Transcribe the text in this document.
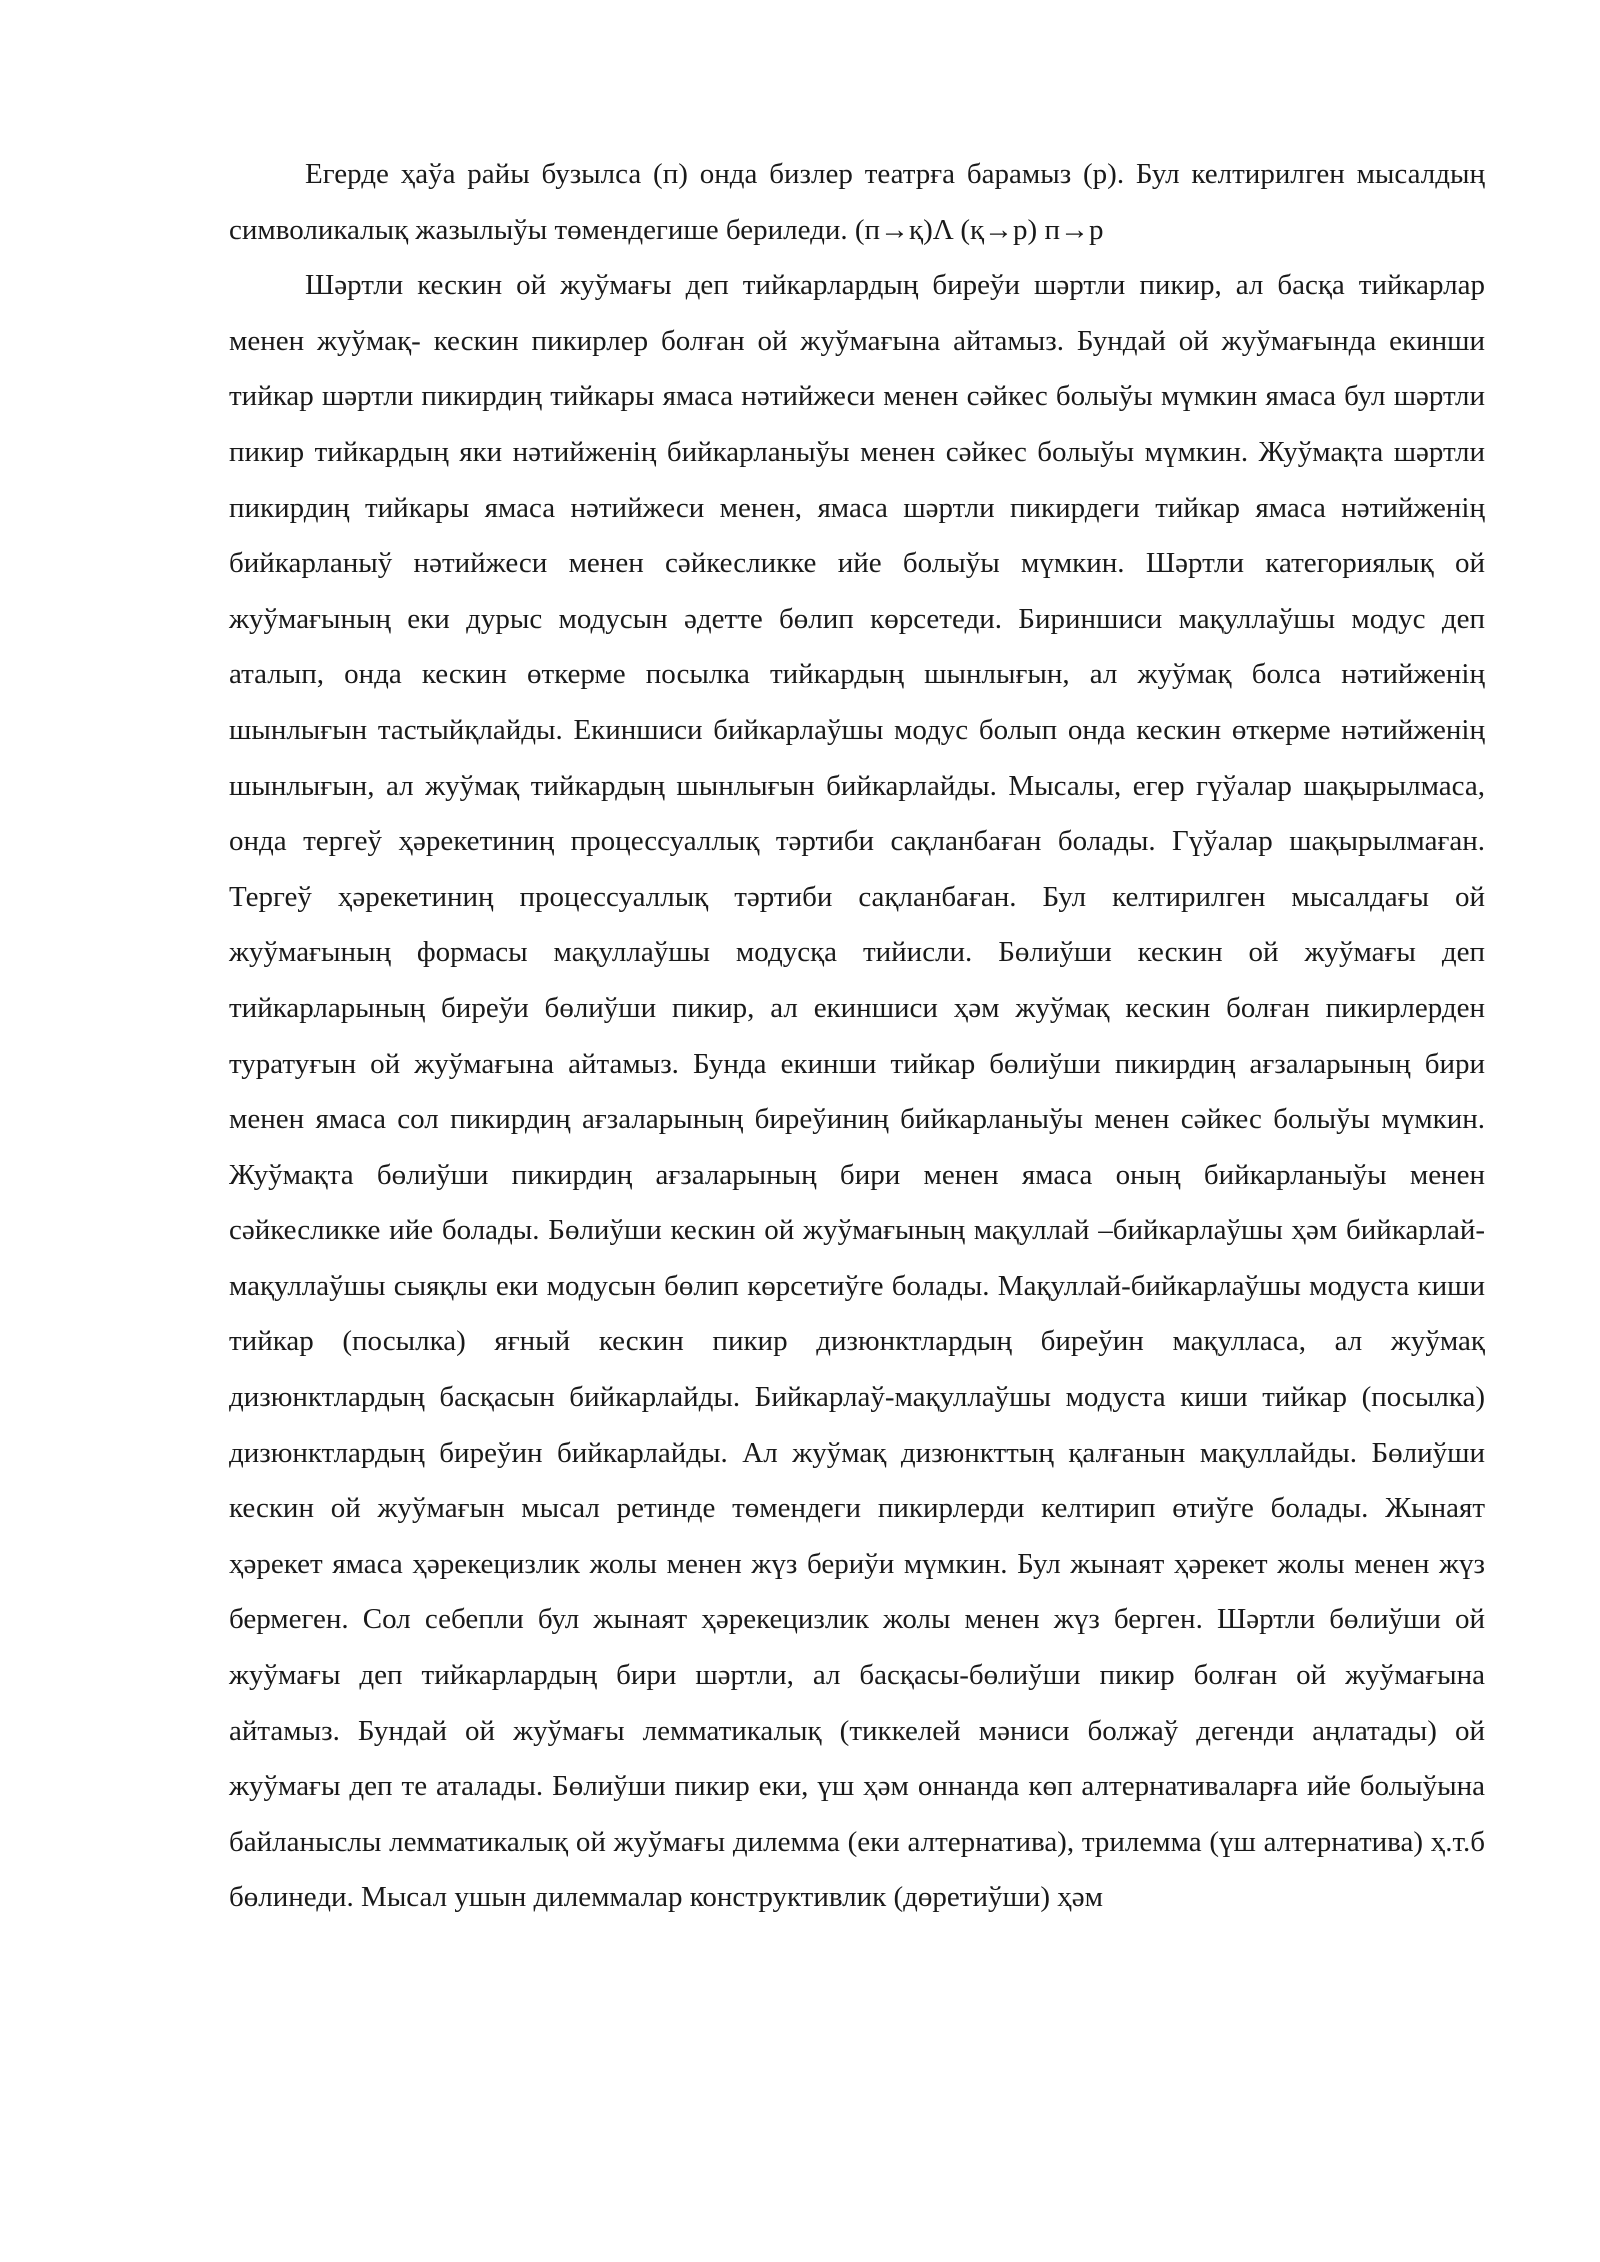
Егерде ҳаўа райы бузылса (п) онда бизлер театрға барамыз (р). Бул келтирилген мысалдың символикалық жазылыўы төмендегише бериледи. (п→қ)Λ (қ→р) п→р

Шәртли кескин ой жуўмағы деп тийкарлардың биреўи шәртли пикир, ал басқа тийкарлар менен жуўмақ- кескин пикирлер болған ой жуўмағына айтамыз. Бундай ой жуўмағында екинши тийкар шәртли пикирдиң тийкары ямаса нәтийжеси менен сәйкес болыўы мүмкин ямаса бул шәртли пикир тийкардың яки нәтийженің бийкарланыўы менен сәйкес болыўы мүмкин. Жуўмақта шәртли пикирдиң тийкары ямаса нәтийжеси менен, ямаса шәртли пикирдеги тийкар ямаса нәтийженің бийкарланыў нәтийжеси менен сәйкесликке ийе болыўы мүмкин. Шәртли категориялық ой жуўмағының еки дурыс модусын әдетте бөлип көрсетеди. Бириншиси мақуллаўшы модус деп аталып, онда кескин өткерме посылка тийкардың шынлығын, ал жуўмақ болса нәтийженің шынлығын тастыйқлайды. Екиншиси бийкарлаўшы модус болып онда кескин өткерме нәтийженің шынлығын, ал жуўмақ тийкардың шынлығын бийкарлайды. Мысалы, егер гүўалар шақырылмаса, онда тергеў ҳәрекетиниң процессуаллық тәртиби сақланбаған болады. Гүўалар шақырылмаған. Тергеў ҳәрекетиниң процессуаллық тәртиби сақланбаған. Бул келтирилген мысалдағы ой жуўмағының формасы мақуллаўшы модусқа тийисли. Бөлиўши кескин ой жуўмағы деп тийкарларының биреўи бөлиўши пикир, ал екиншиси ҳәм жуўмақ кескин болған пикирлерден туратуғын ой жуўмағына айтамыз. Бунда екинши тийкар бөлиўши пикирдиң ағзаларының бири менен ямаса сол пикирдиң ағзаларының биреўиниң бийкарланыўы менен сәйкес болыўы мүмкин. Жуўмақта бөлиўши пикирдиң ағзаларының бири менен ямаса оның бийкарланыўы менен сәйкесликке ийе болады. Бөлиўши кескин ой жуўмағының мақуллай –бийкарлаўшы ҳәм бийкарлай-мақуллаўшы сыяқлы еки модусын бөлип көрсетиўге болады. Мақуллай-бийкарлаўшы модуста киши тийкар (посылка) яғный кескин пикир дизюнктлардың биреўин мақулласа, ал жуўмақ дизюнктлардың басқасын бийкарлайды. Бийкарлаў-мақуллаўшы модуста киши тийкар (посылка) дизюнктлардың биреўин бийкарлайды. Ал жуўмақ дизюнкттың қалғанын мақуллайды. Бөлиўши кескин ой жуўмағын мысал ретинде төмендеги пикирлерди келтирип өтиўге болады. Жынаят ҳәрекет ямаса ҳәрекецизлик жолы менен жүз бериўи мүмкин. Бул жынаят ҳәрекет жолы менен жүз бермеген. Сол себепли бул жынаят ҳәрекецизлик жолы менен жүз берген. Шәртли бөлиўши ой жуўмағы деп тийкарлардың бири шәртли, ал басқасы-бөлиўши пикир болған ой жуўмағына айтамыз. Бундай ой жуўмағы лемматикалық (тиккелей мәниси болжаў дегенди аңлатады) ой жуўмағы деп те аталады. Бөлиўши пикир еки, үш ҳәм оннанда көп алтернативаларға ийе болыўына байланыслы лемматикалық ой жуўмағы дилемма (еки алтернатива), трилемма (үш алтернатива) ҳ.т.б бөлинеди. Мысал ушын дилеммалар конструктивлик (дөретиўши) ҳәм
